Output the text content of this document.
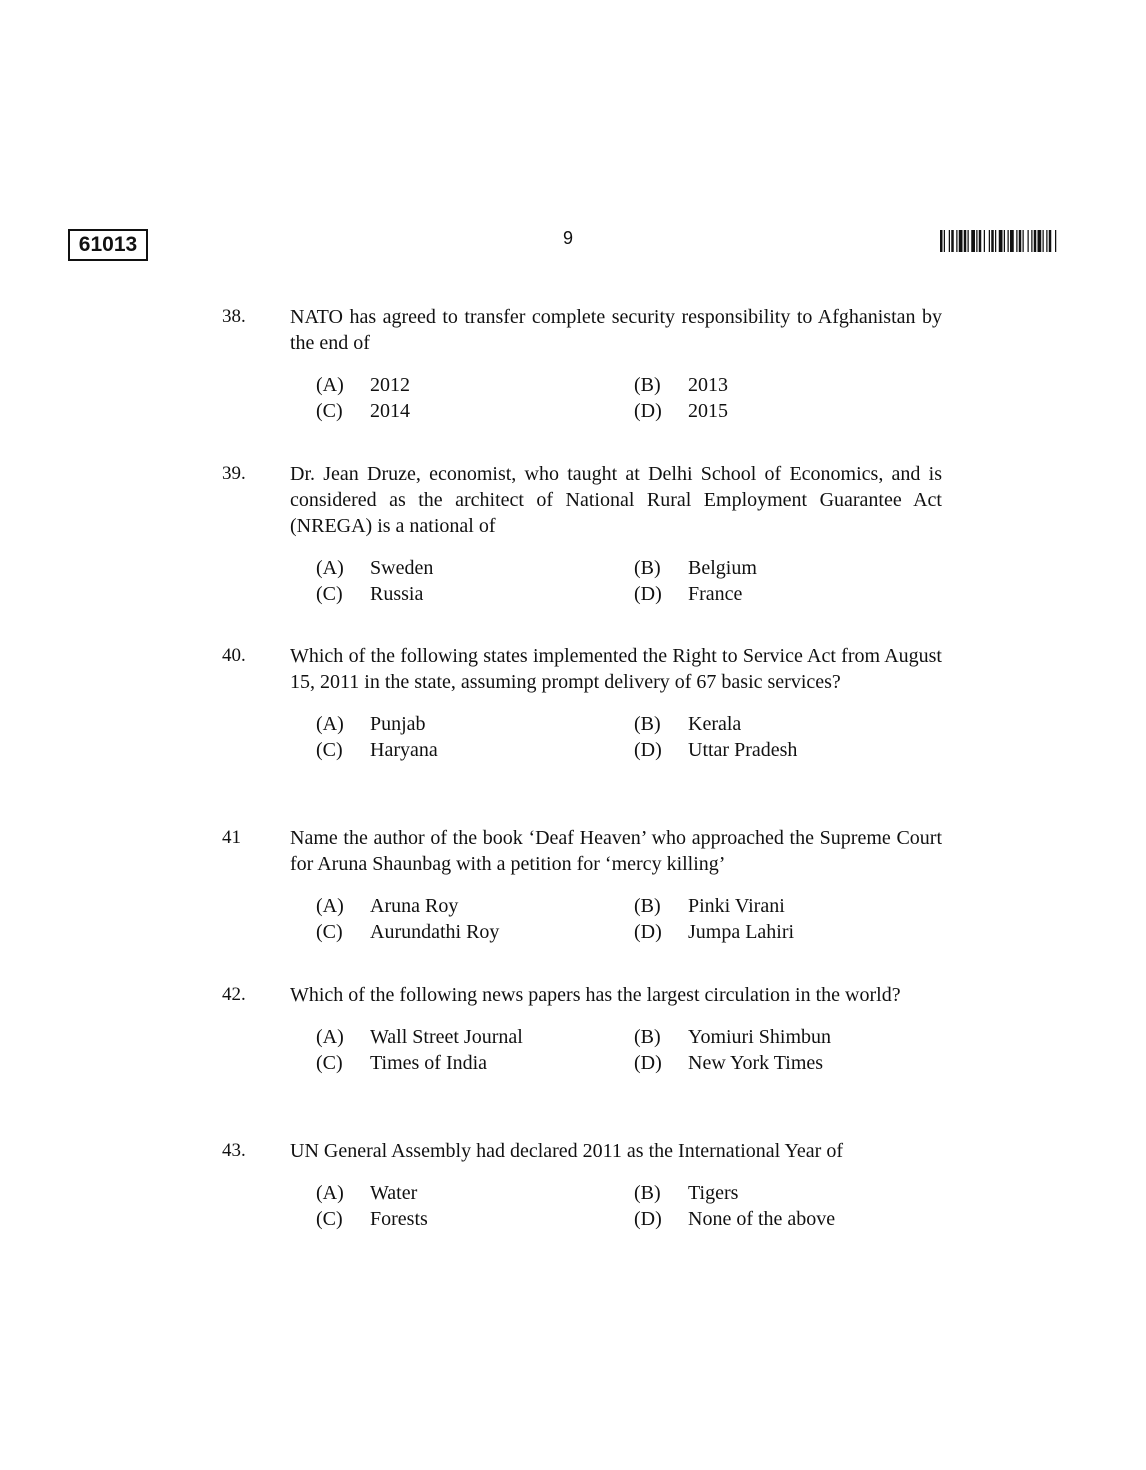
61013	9
38. NATO has agreed to transfer complete security responsibility to Afghanistan by the end of
(A) 2012	(B) 2013
(C) 2014	(D) 2015
39. Dr. Jean Druze, economist, who taught at Delhi School of Economics, and is considered as the architect of National Rural Employment Guarantee Act (NREGA) is a national of
(A) Sweden	(B) Belgium
(C) Russia	(D) France
40. Which of the following states implemented the Right to Service Act from August 15, 2011 in the state, assuming prompt delivery of 67 basic services?
(A) Punjab	(B) Kerala
(C) Haryana	(D) Uttar Pradesh
41 Name the author of the book ‘Deaf Heaven’ who approached the Supreme Court for Aruna Shaunbag with a petition for ‘mercy killing’
(A) Aruna Roy	(B) Pinki Virani
(C) Aurundathi Roy	(D) Jumpa Lahiri
42. Which of the following news papers has the largest circulation in the world?
(A) Wall Street Journal	(B) Yomiuri Shimbun
(C) Times of India	(D) New York Times
43. UN General Assembly had declared 2011 as the International Year of
(A) Water	(B) Tigers
(C) Forests	(D) None of the above
